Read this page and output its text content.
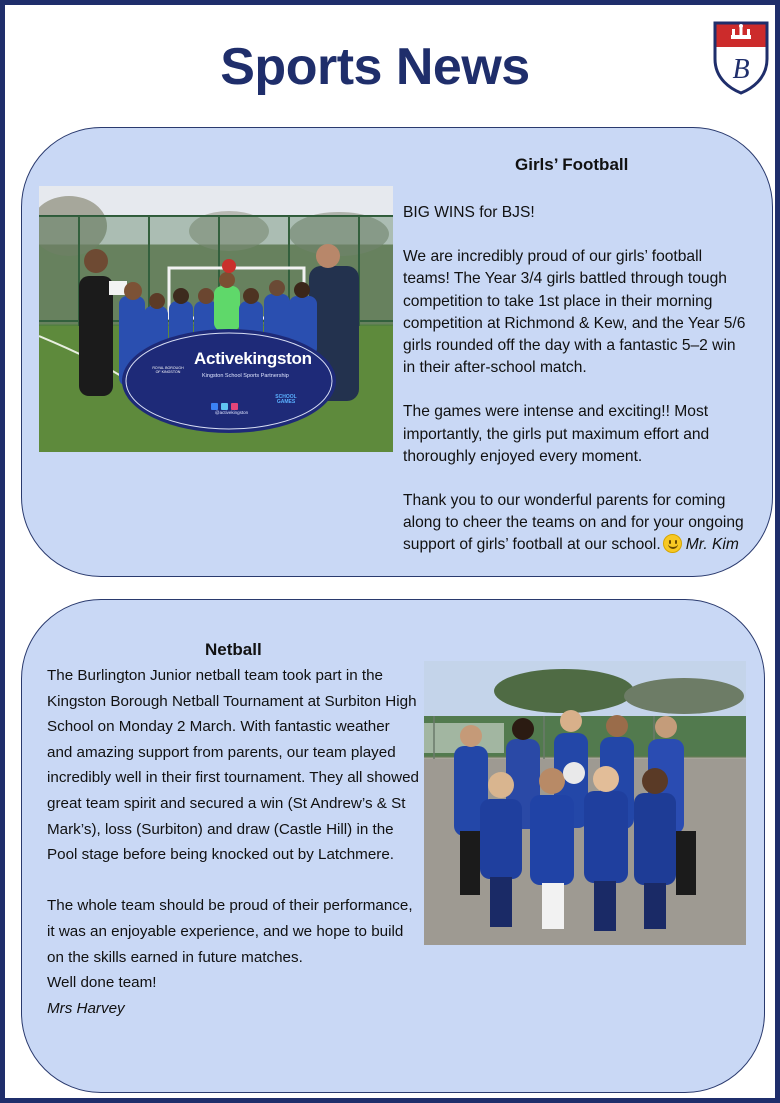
Sports News	B
Girls’ Football
Activekingston
Kingston School Sports Partnership
ROYAL BOROUGH OF KINGSTON
@activekingston
SCHOOL GAMES

BIG WINS for BJS!

We are incredibly proud of our girls’ football teams! The Year 3/4 girls battled through tough competition to take 1st place in their morning competition at Richmond & Kew, and the Year 5/6 girls rounded off the day with a fantastic 5–2 win in their after-school match.

The games were intense and exciting!! Most importantly, the girls put maximum effort and thoroughly enjoyed every moment.

Thank you to our wonderful parents for coming along to cheer the teams on and for your ongoing support of girls’ football at our school. Mr. Kim

Netball

The Burlington Junior netball team took part in the Kingston Borough Netball Tournament at Surbiton High School on Monday 2 March. With fantastic weather and amazing support from parents, our team played incredibly well in their first tournament. They all showed great team spirit and secured a win (St Andrew’s & St Mark’s), loss (Surbiton) and draw (Castle Hill) in the Pool stage before being knocked out by Latchmere.

The whole team should be proud of their performance, it was an enjoyable experience, and we hope to build on the skills earned in future matches.

Well done team!

Mrs Harvey
